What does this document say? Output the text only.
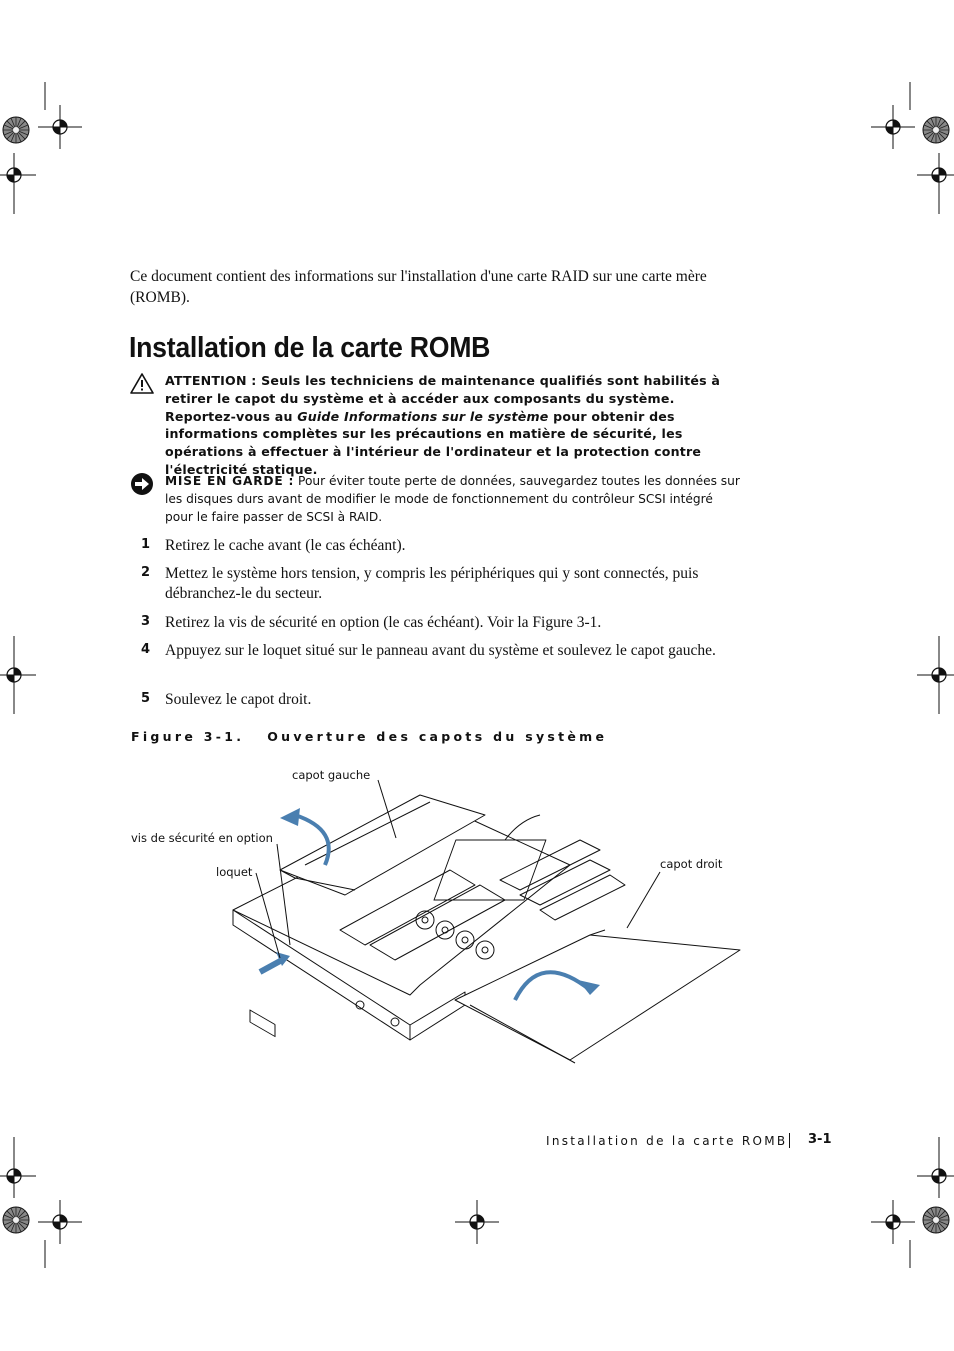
Ce document contient des informations sur l'installation d'une carte RAID sur une carte mère (ROMB).

Installation de la carte ROMB
ATTENTION : Seuls les techniciens de maintenance qualifiés sont habilités à retirer le capot du système et à accéder aux composants du système. Reportez-vous au Guide Informations sur le système pour obtenir des informations complètes sur les précautions en matière de sécurité, les opérations à effectuer à l'intérieur de l'ordinateur et la protection contre l'électricité statique.
MISE EN GARDE : Pour éviter toute perte de données, sauvegardez toutes les données sur les disques durs avant de modifier le mode de fonctionnement du contrôleur SCSI intégré pour le faire passer de SCSI à RAID.
1 Retirez le cache avant (le cas échéant).
2 Mettez le système hors tension, y compris les périphériques qui y sont connectés, puis débranchez-le du secteur.
3 Retirez la vis de sécurité en option (le cas échéant). Voir la Figure 3-1.
4 Appuyez sur le loquet situé sur le panneau avant du système et soulevez le capot gauche.
5 Soulevez le capot droit.
Figure 3-1.   Ouverture des capots du système
capot gauche
vis de sécurité en option
loquet
capot droit
Installation de la carte ROMB 3-1
